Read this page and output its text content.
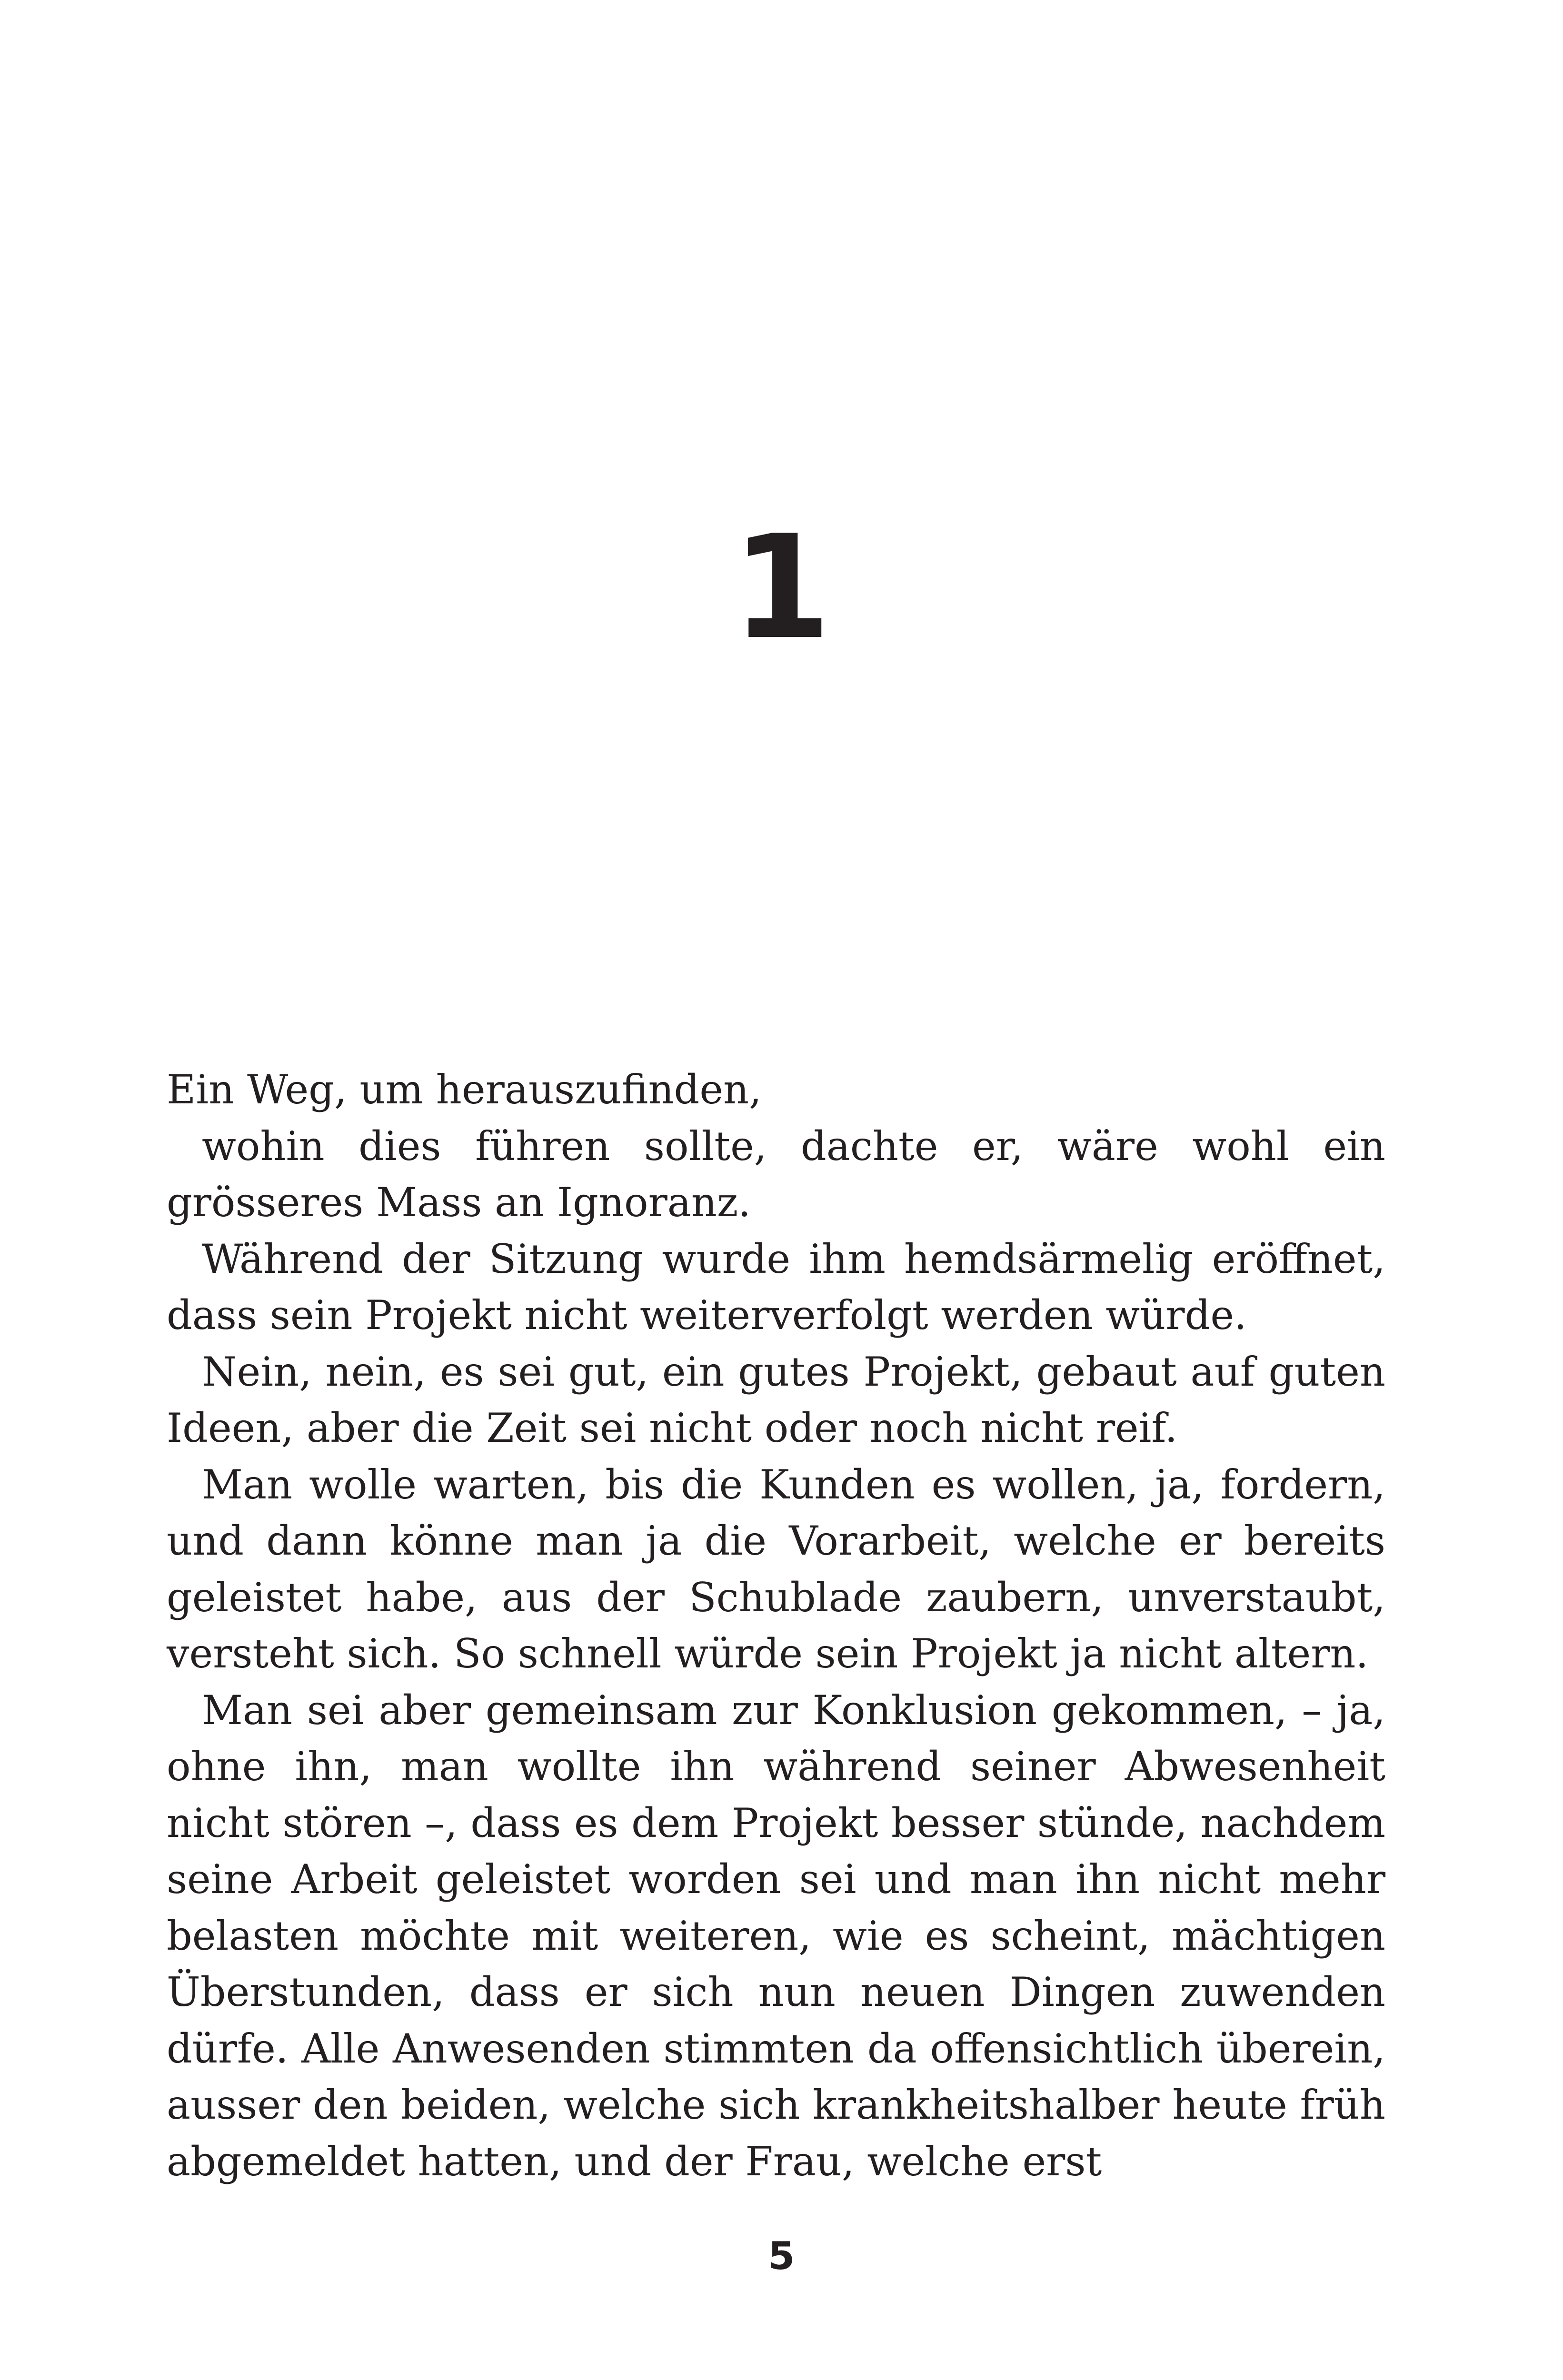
1

Ein Weg, um herauszufinden,

wohin dies führen sollte, dachte er, wäre wohl ein grösseres Mass an Ignoranz.

Während der Sitzung wurde ihm hemdsärmelig eröffnet, dass sein Projekt nicht weiterverfolgt werden würde.

Nein, nein, es sei gut, ein gutes Projekt, gebaut auf guten Ideen, aber die Zeit sei nicht oder noch nicht reif.

Man wolle warten, bis die Kunden es wollen, ja, fordern, und dann könne man ja die Vorarbeit, welche er bereits geleistet habe, aus der Schublade zaubern, unverstaubt, versteht sich. So schnell würde sein Projekt ja nicht altern.

Man sei aber gemeinsam zur Konklusion gekommen, – ja, ohne ihn, man wollte ihn während seiner Abwesenheit nicht stören –, dass es dem Projekt besser stünde, nachdem seine Arbeit geleistet worden sei und man ihn nicht mehr belasten möchte mit weiteren, wie es scheint, mächtigen Überstunden, dass er sich nun neuen Dingen zuwenden dürfe. Alle Anwesenden stimmten da offensichtlich überein, ausser den beiden, welche sich krankheitshalber heute früh abgemeldet hatten, und der Frau, welche erst

5
